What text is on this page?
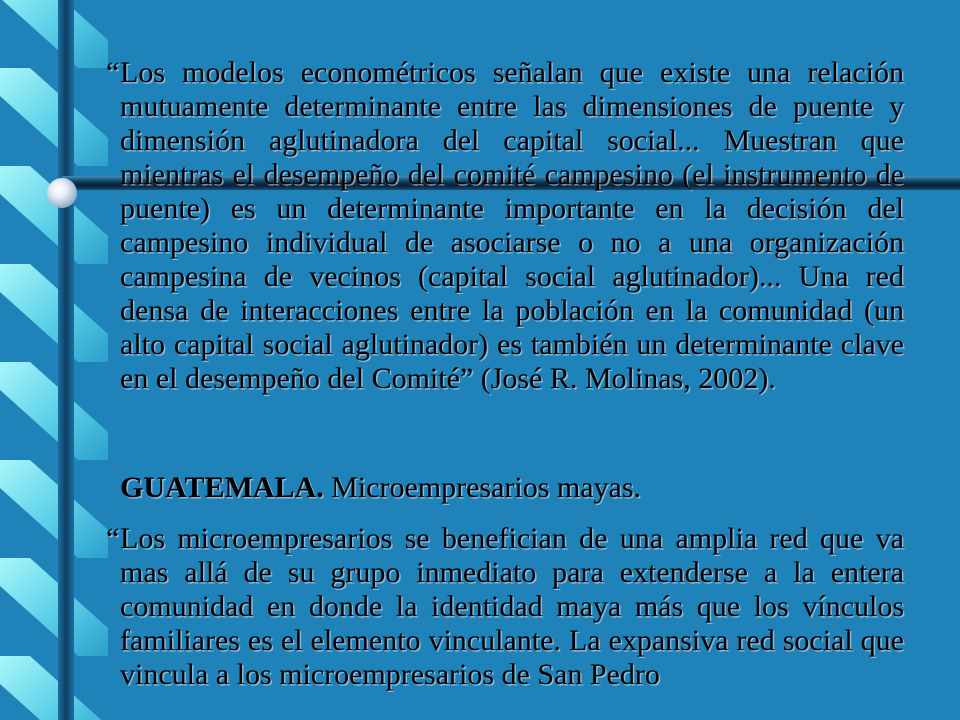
“ Los modelos econométricos señalan que existe una relación mutuamente determinante entre las dimensiones de puente y dimensión aglutinadora del capital social... Muestran que mientras el desempeño del comité campesino (el instrumento de puente) es un determinante importante en la decisión del campesino individual de asociarse o no a una organización campesina de vecinos (capital social aglutinador)... Una red densa de interacciones entre la población en la comunidad (un alto capital social aglutinador) es también un determinante clave en el desempeño del Comité” (José R. Molinas, 2002).

GUATEMALA. Microempresarios mayas.

“ Los microempresarios se benefician de una amplia red que va mas allá de su grupo inmediato para extenderse a la entera comunidad en donde la identidad maya más que los vínculos familiares es el elemento vinculante. La expansiva red social que vincula a los microempresarios de San Pedro
